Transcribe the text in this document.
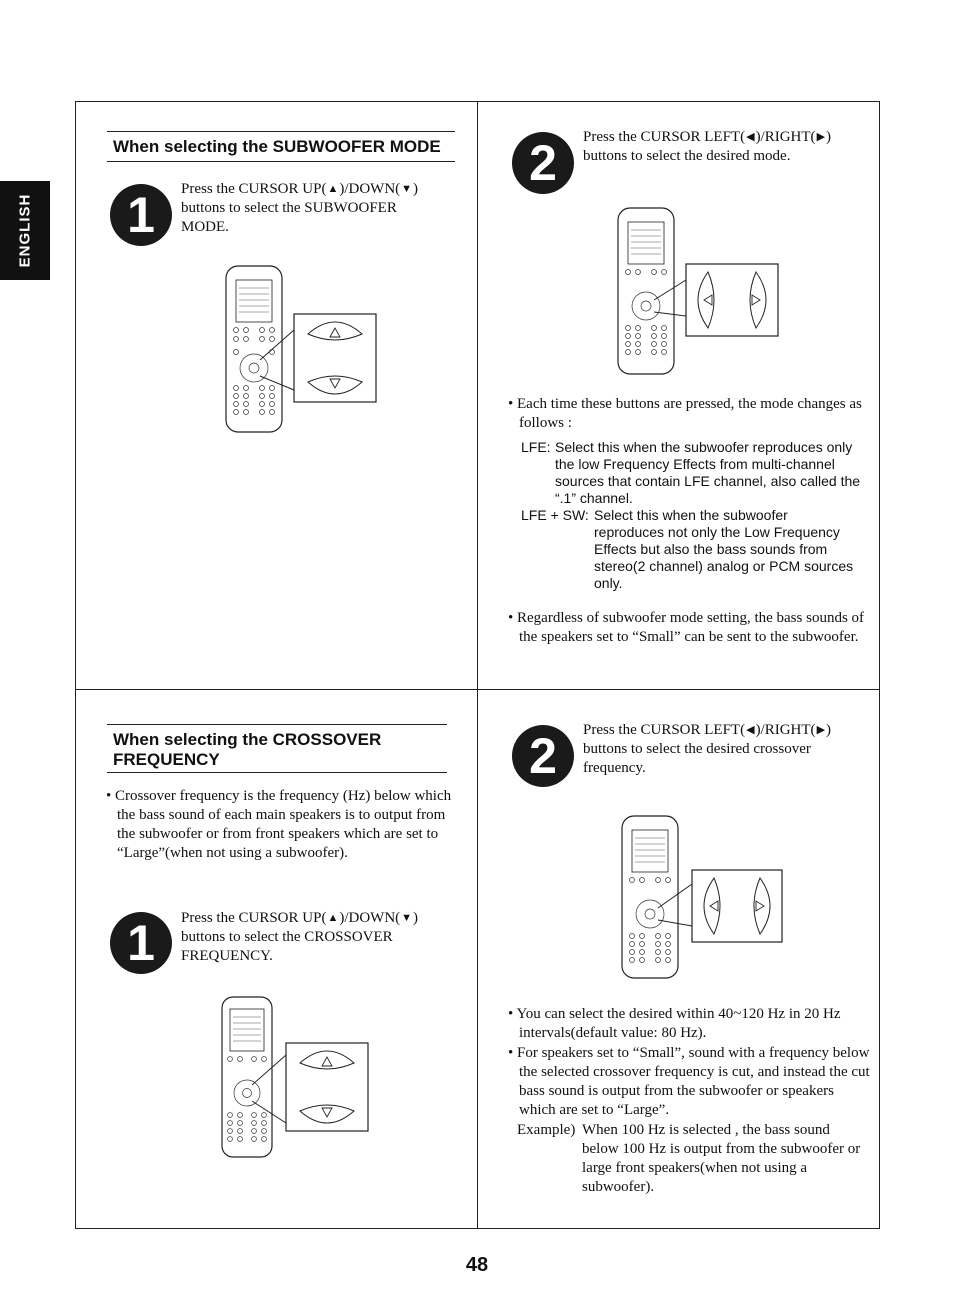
ENGLISH
When selecting the SUBWOOFER MODE
1	Press the CURSOR UP(▲)/DOWN(▼) buttons to select the SUBWOOFER MODE.
2	Press the CURSOR LEFT(◀)/RIGHT(▶) buttons to select the desired mode.
• Each time these buttons are pressed, the mode changes as follows :
LFE: Select this when the subwoofer reproduces only the low Frequency Effects from multi-channel sources that contain LFE channel, also called the “.1” channel.
LFE + SW: Select this when the subwoofer reproduces not only the Low Frequency Effects but also the bass sounds from stereo(2 channel) analog or PCM sources only.
• Regardless of subwoofer mode setting, the bass sounds of the speakers set to “Small” can be sent to the subwoofer.
When selecting the CROSSOVER
FREQUENCY
• Crossover frequency is the frequency (Hz) below which the bass sound of each main speakers is to output from the subwoofer or from front speakers which are set to “Large”(when not using a subwoofer).
1	Press the CURSOR UP(▲)/DOWN(▼) buttons to select the CROSSOVER FREQUENCY.
2	Press the CURSOR LEFT(◀)/RIGHT(▶) buttons to select the desired crossover frequency.
• You can select the desired within 40~120 Hz in 20 Hz intervals(default value: 80 Hz).
• For speakers set to “Small”, sound with a frequency below the selected crossover frequency is cut, and instead the cut bass sound is output from the subwoofer or speakers which are set to “Large”.
Example) When 100 Hz is selected , the bass sound below 100 Hz is output from the subwoofer or large front speakers(when not using a subwoofer).
48
